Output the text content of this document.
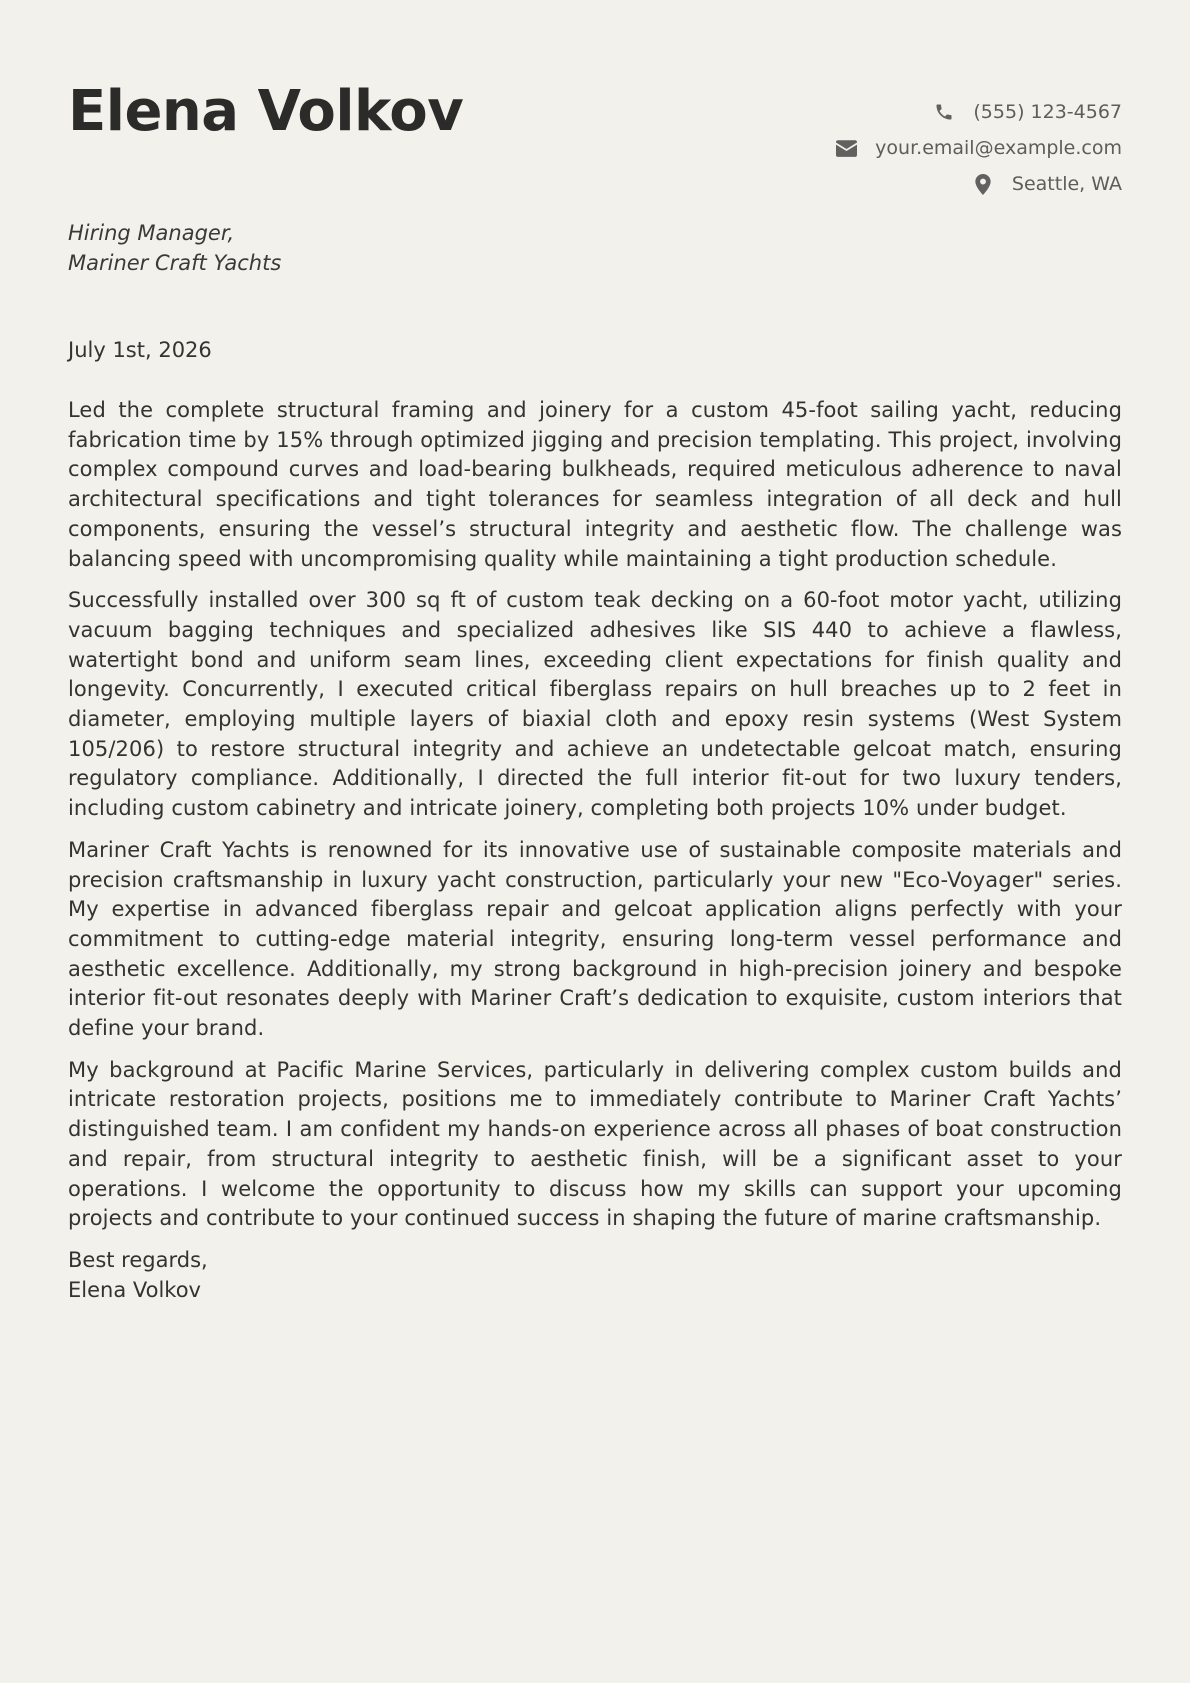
Elena Volkov	(555) 123-4567
your.email@example.com
Seattle, WA
Hiring Manager,
Mariner Craft Yachts
July 1st, 2026

Led the complete structural framing and joinery for a custom 45-foot sailing yacht, reducing fabrication time by 15% through optimized jigging and precision templating. This project, involving complex compound curves and load-bearing bulkheads, required meticulous adherence to naval architectural specifications and tight tolerances for seamless integration of all deck and hull components, ensuring the vessel’s structural integrity and aesthetic flow. The challenge was balancing speed with uncompromising quality while maintaining a tight production schedule.

Successfully installed over 300 sq ft of custom teak decking on a 60-foot motor yacht, utilizing vacuum bagging techniques and specialized adhesives like SIS 440 to achieve a flawless, watertight bond and uniform seam lines, exceeding client expectations for finish quality and longevity. Concurrently, I executed critical fiberglass repairs on hull breaches up to 2 feet in diameter, employing multiple layers of biaxial cloth and epoxy resin systems (West System 105/206) to restore structural integrity and achieve an undetectable gelcoat match, ensuring regulatory compliance. Additionally, I directed the full interior fit-out for two luxury tenders, including custom cabinetry and intricate joinery, completing both projects 10% under budget.

Mariner Craft Yachts is renowned for its innovative use of sustainable composite materials and precision craftsmanship in luxury yacht construction, particularly your new "Eco-Voyager" series. My expertise in advanced fiberglass repair and gelcoat application aligns perfectly with your commitment to cutting-edge material integrity, ensuring long-term vessel performance and aesthetic excellence. Additionally, my strong background in high-precision joinery and bespoke interior fit-out resonates deeply with Mariner Craft’s dedication to exquisite, custom interiors that define your brand.

My background at Pacific Marine Services, particularly in delivering complex custom builds and intricate restoration projects, positions me to immediately contribute to Mariner Craft Yachts’ distinguished team. I am confident my hands-on experience across all phases of boat construction and repair, from structural integrity to aesthetic finish, will be a significant asset to your operations. I welcome the opportunity to discuss how my skills can support your upcoming projects and contribute to your continued success in shaping the future of marine craftsmanship.

Best regards,
Elena Volkov
